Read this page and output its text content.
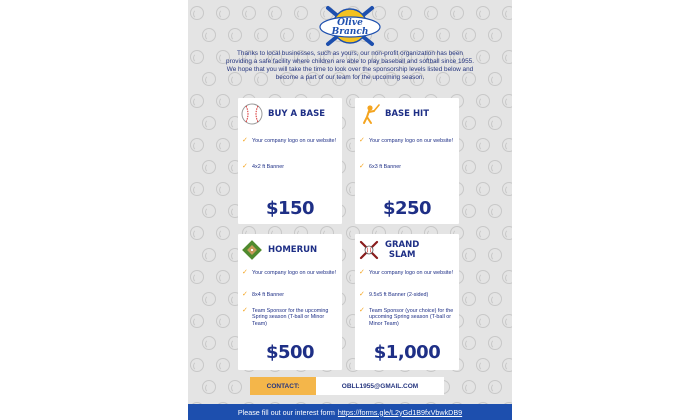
Olive
Branch
Thanks to local businesses, such as yours, our non-profit organization has been providing a safe facility where children are able to play baseball and softball since 1955. We hope that you will take the time to look over the sponsorship levels listed below and become a part of our team for the upcoming season.
BUY A BASE
✓ Your company logo on our website!
✓ 4x2 ft Banner
$150
BASE HIT
✓ Your company logo on our website!
✓ 6x3 ft Banner
$250
HOMERUN
✓ Your company logo on our website!
✓ 8x4 ft Banner
✓ Team Sponsor for the upcoming Spring season (T-ball or Minor Team)
$500
GRAND
SLAM
✓ Your company logo on our website!
✓ 9.5x5 ft Banner (2-sided)
✓ Team Sponsor (your choice) for the upcoming Spring season (T-ball or Minor Team)
$1,000
CONTACT:	OBLL1955@GMAIL.COM
Please fill out our interest form https://forms.gle/L2yGd1B9fxVbwkDB9
